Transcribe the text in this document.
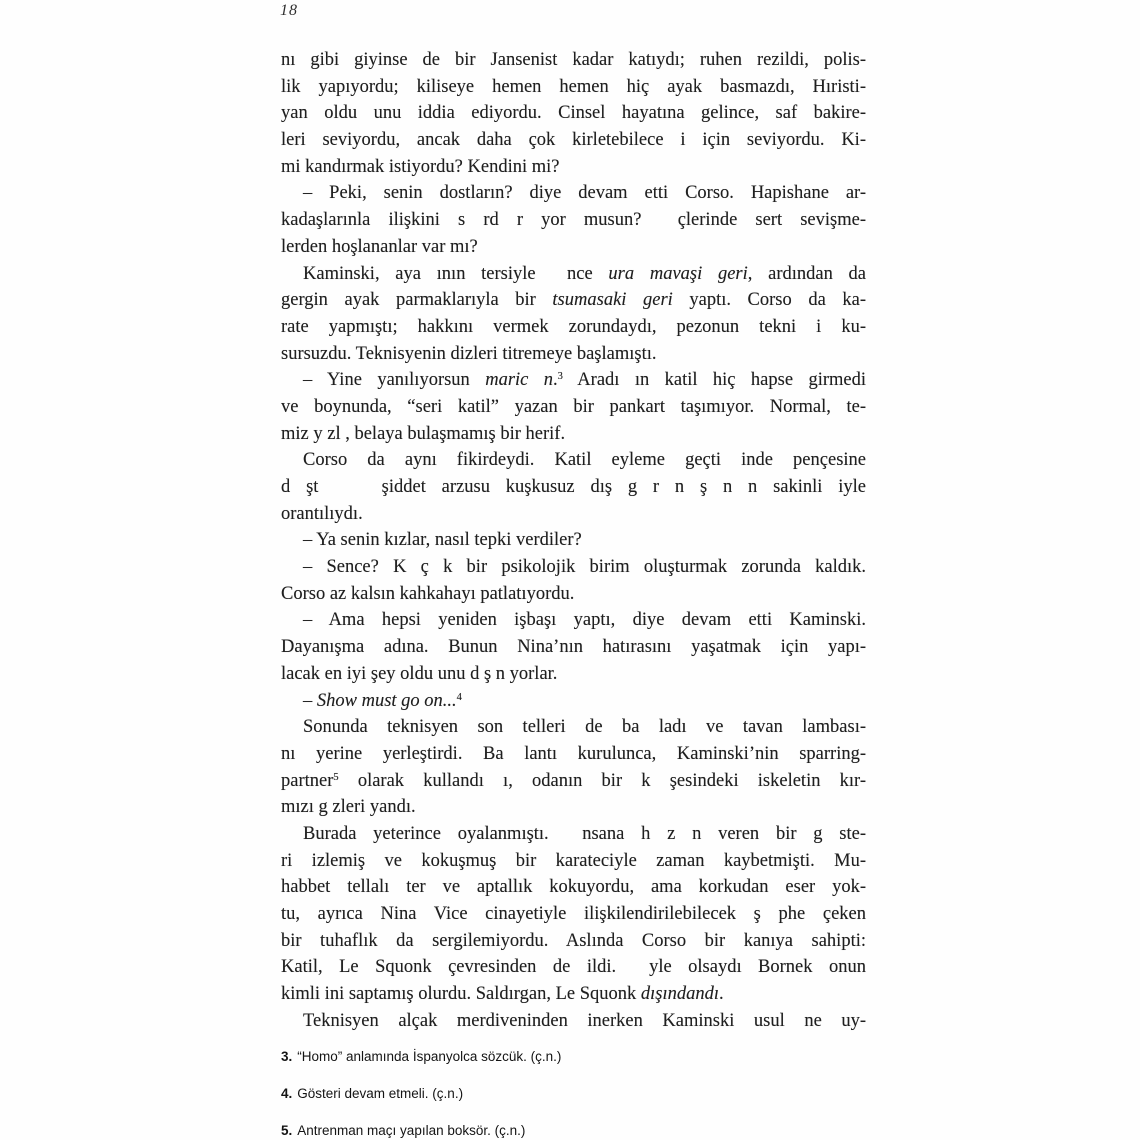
18
nı gibi giyinse de bir Jansenist kadar katıydı; ruhen rezildi, polis-
lik yapıyordu; kiliseye hemen hemen hiç ayak basmazdı, Hıristi-
yan oldu unu iddia ediyordu. Cinsel hayatına gelince, saf bakire-
leri seviyordu, ancak daha çok kirletebilece i için seviyordu. Ki-
mi kandırmak istiyordu? Kendini mi?
– Peki, senin dostların? diye devam etti Corso. Hapishane ar-
kadaşlarınla ilişkini s rd r yor musun?  çlerinde sert sevişme-
lerden hoşlananlar var mı?
Kaminski, aya ının tersiyle  nce ura mavaşi geri, ardından da
gergin ayak parmaklarıyla bir tsumasaki geri yaptı. Corso da ka-
rate yapmıştı; hakkını vermek zorundaydı, pezonun tekni i ku-
sursuzdu. Teknisyenin dizleri titremeye başlamıştı.
– Yine yanılıyorsun maric n.$^3$ Aradı ın katil hiç hapse girmedi
ve boynunda, “seri katil” yazan bir pankart taşımıyor. Normal, te-
miz y zl , belaya bulaşmamış bir herif.
Corso da aynı fikirdeydi. Katil eyleme geçti inde pençesine
d şt    şiddet arzusu kuşkusuz dış g r n ş n n sakinli iyle
orantılıydı.
– Ya senin kızlar, nasıl tepki verdiler?
– Sence? K ç k bir psikolojik birim oluşturmak zorunda kaldık.
Corso az kalsın kahkahayı patlatıyordu.
– Ama hepsi yeniden işbaşı yaptı, diye devam etti Kaminski.
Dayanışma adına. Bunun Nina’nın hatırasını yaşatmak için yapı-
lacak en iyi şey oldu unu d ş n yorlar.
– Show must go on...$^4$
Sonunda teknisyen son telleri de ba ladı ve tavan lambası-
nı yerine yerleştirdi. Ba lantı kurulunca, Kaminski’nin sparring-
partner$^5$ olarak kullandı ı, odanın bir k şesindeki iskeletin kır-
mızı g zleri yandı.
Burada yeterince oyalanmıştı.  nsana h z n veren bir g ste-
ri izlemiş ve kokuşmuş bir karateciyle zaman kaybetmişti. Mu-
habbet tellalı ter ve aptallık kokuyordu, ama korkudan eser yok-
tu, ayrıca Nina Vice cinayetiyle ilişkilendirilebilecek ş phe çeken
bir tuhaflık da sergilemiyordu. Aslında Corso bir kanıya sahipti:
Katil, Le Squonk çevresinden de ildi.  yle olsaydı Bornek onun
kimli ini saptamış olurdu. Saldırgan, Le Squonk dışındandı.
Teknisyen alçak merdiveninden inerken Kaminski usul ne uy-
3. “Homo” anlamında İspanyolca sözcük. (ç.n.)
4. Gösteri devam etmeli. (ç.n.)
5. Antrenman maçı yapılan boksör. (ç.n.)
